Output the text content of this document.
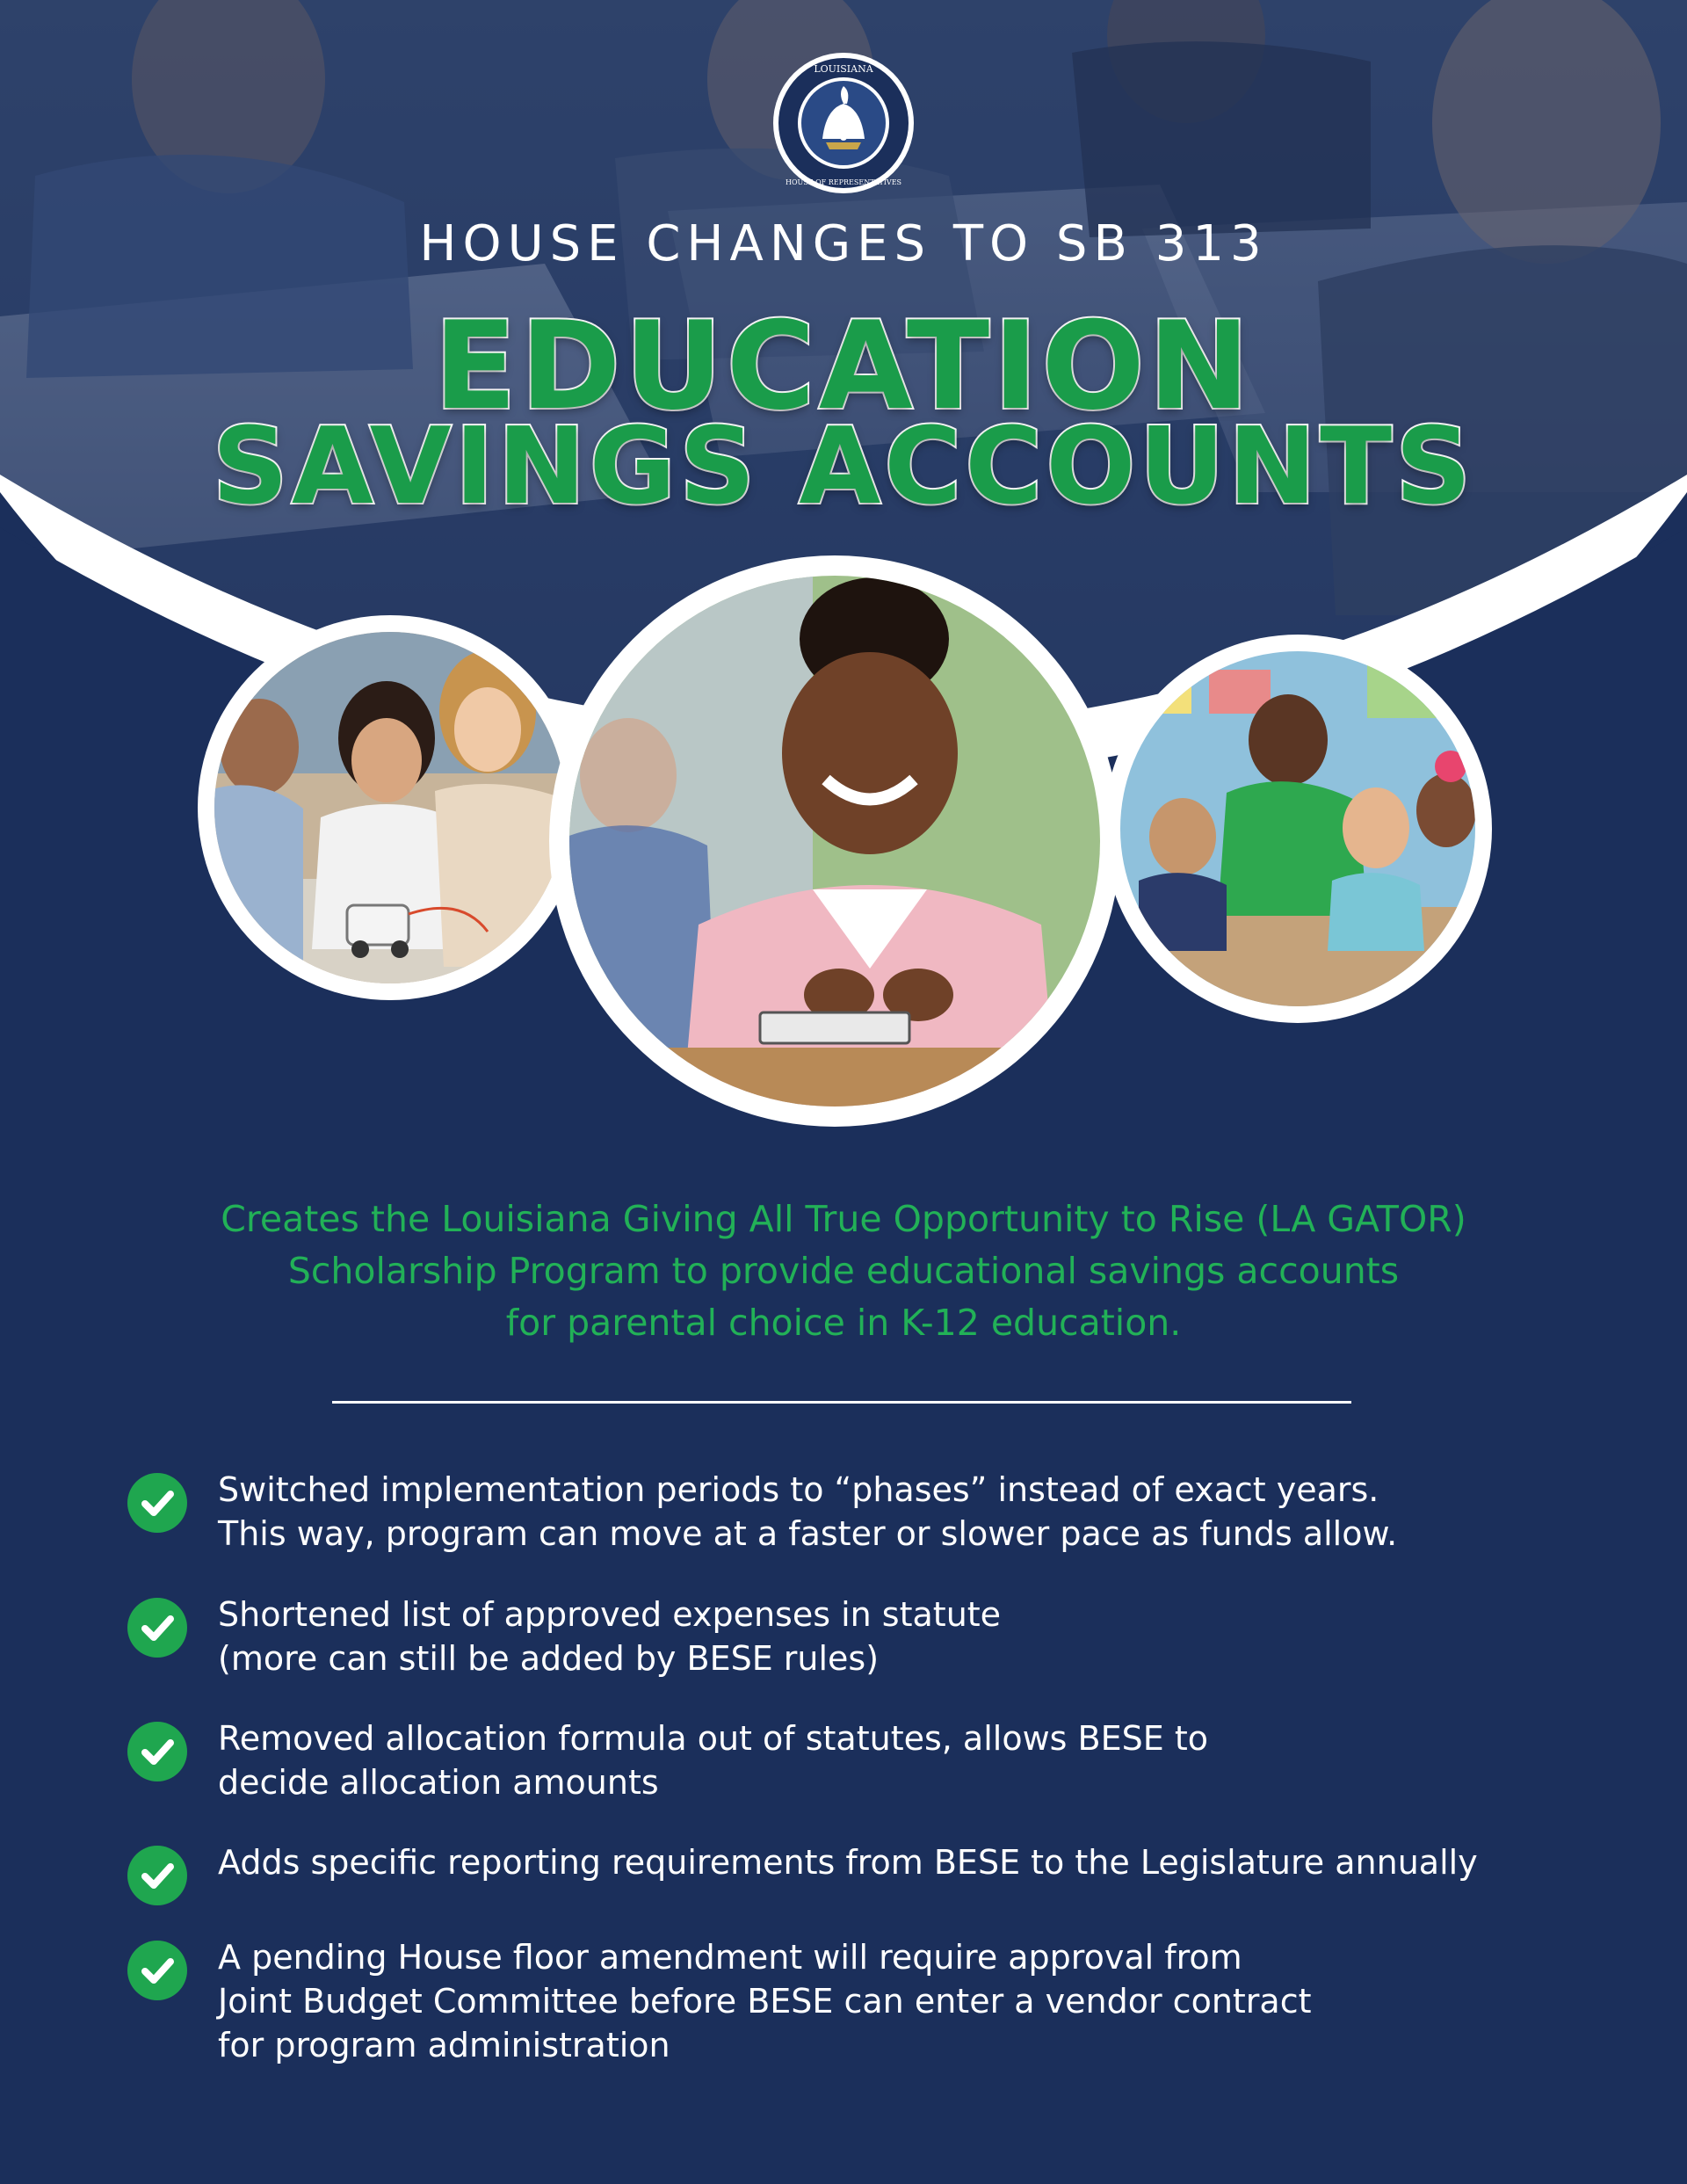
LOUISIANA
HOUSE OF REPRESENTATIVES
HOUSE CHANGES TO SB 313
EDUCATION
SAVINGS ACCOUNTS
Creates the Louisiana Giving All True Opportunity to Rise (LA GATOR)
Scholarship Program to provide educational savings accounts
for parental choice in K-12 education.
Switched implementation periods to “phases” instead of exact years.
This way, program can move at a faster or slower pace as funds allow.
Shortened list of approved expenses in statute
(more can still be added by BESE rules)
Removed allocation formula out of statutes, allows BESE to
decide allocation amounts
Adds specific reporting requirements from BESE to the Legislature annually
A pending House floor amendment will require approval from
Joint Budget Committee before BESE can enter a vendor contract
for program administration
